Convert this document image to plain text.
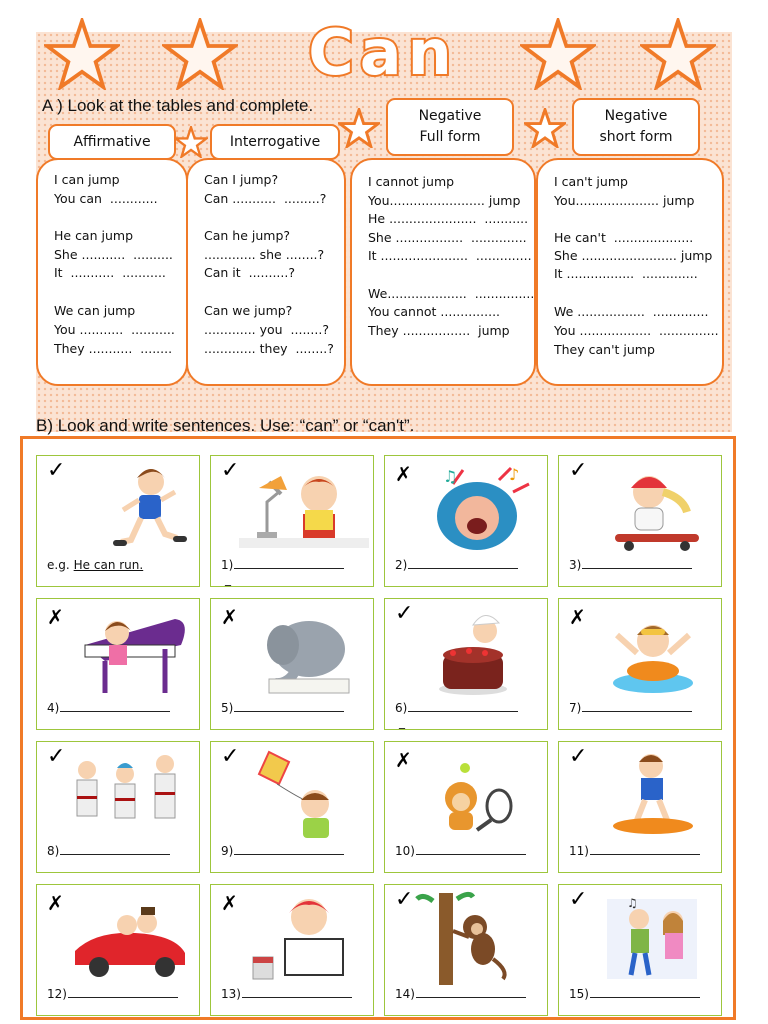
Can
A ) Look at the tables and complete.
Affirmative	Interrogative
Negative
Full form
Negative
short form
I can jump
You can  ............
He can jump
She ...........  ..........
It  ...........  ...........
We can jump
You ...........  ...........
They ...........  ........
Can I jump?
Can ...........  .........?
Can he jump?
............. she ........?
Can it  ..........?
Can we jump?
............. you  ........?
............. they  ........?
I cannot jump
You........................ jump
He ......................  ...........
She .................  ..............
It ......................  ..............
We....................  ...............
You cannot ...............
They .................  jump
I can't jump
You..................... jump
He can't  ....................
She ........................ jump
It .................  ..............
We .................  ..............
You ..................  ...............
They can't jump
B) Look and write sentences. Use: “can” or “can't”.
✓
e.g. He can run.
✓
1)
_
✗ ♫	♪
2)
✓
3)
✗
4)
✗
5)
✓
6)
_
✗
7)
✓
8)
✓
9)
✗
10)
✓
11)
✗
12)
✗
13)
✓
14)
✓	♫
15)
